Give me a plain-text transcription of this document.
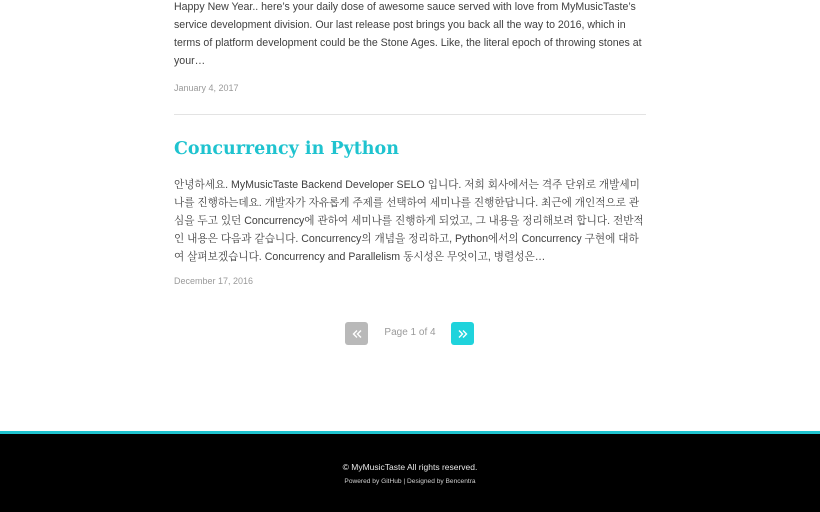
Happy New Year.. here’s your daily dose of awesome sauce served with love from MyMusicTaste’s service development division. Our last release post brings you back all the way to 2016, which in terms of platform development could be the Stone Ages. Like, the literal epoch of throwing stones at your…

January 4, 2017
Concurrency in Python

안녕하세요. MyMusicTaste Backend Developer SELO 입니다. 저희 회사에서는 격주 단위로 개발세미나를 진행하는데요. 개발자가 자유롭게 주제를 선택하여 세미나를 진행한답니다. 최근에 개인적으로 관심을 두고 있던 Concurrency에 관하여 세미나를 진행하게 되었고, 그 내용을 정리해보려 합니다. 전반적인 내용은 다음과 같습니다. Concurrency의 개념을 정리하고, Python에서의 Concurrency 구현에 대하여 살펴보겠습니다. Concurrency and Parallelism 동시성은 무엇이고, 병렬성은…

December 17, 2016
Page 1 of 4
© MyMusicTaste All rights reserved.
Powered by GitHub | Designed by Bencentra
